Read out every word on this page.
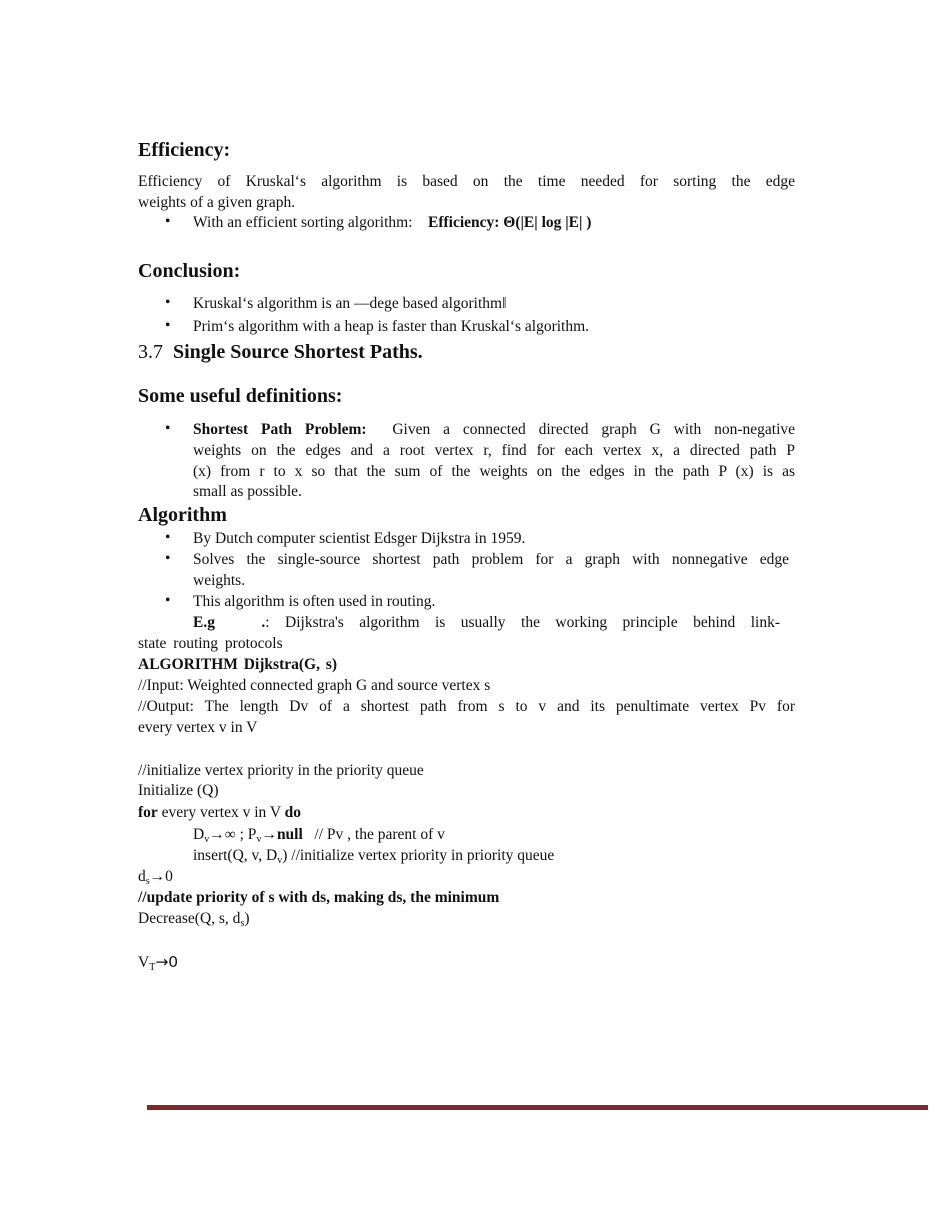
Efficiency:
Efficiency of Kruskal‘s algorithm is based on the time needed for sorting the edge
weights of a given graph.
• With an efficient sorting algorithm: Efficiency: Θ(|E| log |E| )
Conclusion:
• Kruskal‘s algorithm is an ―dege based algorithm‖
• Prim‘s algorithm with a heap is faster than Kruskal‘s algorithm.
3.7 Single Source Shortest Paths.
Some useful definitions:
• Shortest Path Problem: Given a connected directed graph G with non-negative
weights on the edges and a root vertex r, find for each vertex x, a directed path P
(x) from r to x so that the sum of the weights on the edges in the path P (x) is as
small as possible.
Algorithm
• By Dutch computer scientist Edsger Dijkstra in 1959.
• Solves the single-source shortest path problem for a graph with nonnegative edge
weights.
• This algorithm is often used in routing.
E.g   .: Dijkstra's algorithm is usually the working principle behind link-
state routing protocols
ALGORITHM Dijkstra(G, s)
//Input: Weighted connected graph G and source vertex s
//Output: The length Dv of a shortest path from s to v and its penultimate vertex Pv for
every vertex v in V
//initialize vertex priority in the priority queue
Initialize (Q)
for every vertex v in V do
$D_v\to\infty$ ; $P_v\to null // Pv$ , the parent of v
insert(Q, v, $D_v$) //initialize vertex priority in priority queue
$d_s\to 0$
//update priority of s with ds, making ds, the minimum
Decrease(Q, s, $d_s$)
$V_T\to 0$
